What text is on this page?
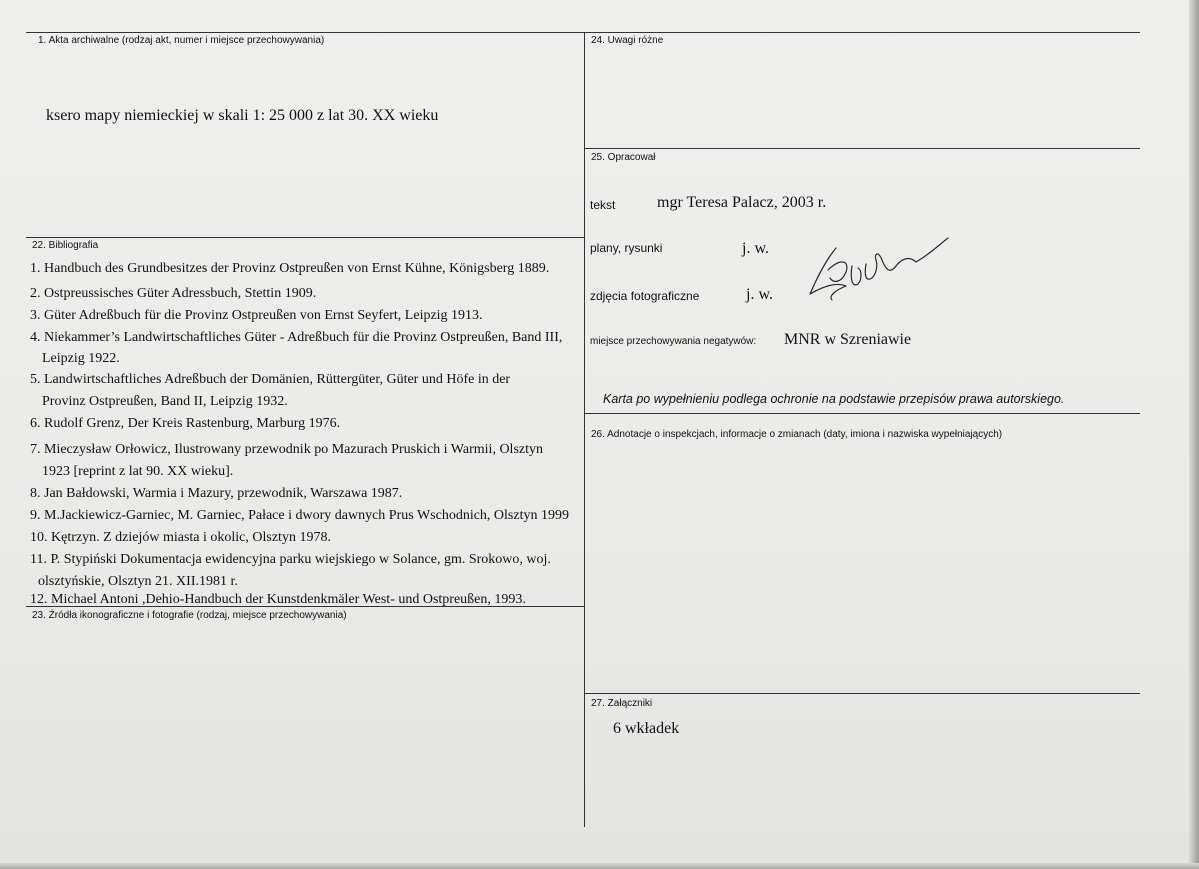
1. Akta archiwalne (rodzaj akt, numer i miejsce przechowywania)
ksero mapy niemieckiej w skali 1: 25 000 z lat 30. XX wieku
22. Bibliografia
1. Handbuch des Grundbesitzes der Provinz Ostpreußen von Ernst Kühne, Königsberg 1889.
2. Ostpreussisches Güter Adressbuch, Stettin 1909.
3. Güter Adreßbuch für die Provinz Ostpreußen von Ernst Seyfert, Leipzig 1913.
4. Niekammer’s Landwirtschaftliches Güter - Adreßbuch für die Provinz Ostpreußen, Band III,
Leipzig 1922.
5. Landwirtschaftliches Adreßbuch der Domänien, Rüttergüter, Güter und Höfe in der
Provinz Ostpreußen, Band II, Leipzig 1932.
6. Rudolf Grenz, Der Kreis Rastenburg, Marburg 1976.
7. Mieczysław Orłowicz, Ilustrowany przewodnik po Mazurach Pruskich i Warmii, Olsztyn
1923 [reprint z lat 90. XX wieku].
8. Jan Bałdowski, Warmia i Mazury, przewodnik, Warszawa 1987.
9. M.Jackiewicz-Garniec, M. Garniec, Pałace i dwory dawnych Prus Wschodnich, Olsztyn 1999
10. Kętrzyn. Z dziejów miasta i okolic, Olsztyn 1978.
11. P. Stypiński Dokumentacja ewidencyjna parku wiejskiego w Solance, gm. Srokowo, woj.
olsztyńskie, Olsztyn 21. XII.1981 r.
12. Michael Antoni ,Dehio-Handbuch der Kunstdenkmäler West- und Ostpreußen, 1993.
23. Źródła ikonograficzne i fotografie (rodzaj, miejsce przechowywania)
24. Uwagi różne
25. Opracował
tekst	mgr Teresa Palacz, 2003 r.
plany, rysunki	j. w.
zdjęcia fotograficzne	j. w.
miejsce przechowywania negatywów: MNR w Szreniawie
Karta po wypełnieniu podlega ochronie na podstawie przepisów prawa autorskiego.
26. Adnotacje o inspekcjach, informacje o zmianach (daty, imiona i nazwiska wypełniających)
27. Załączniki
6 wkładek
